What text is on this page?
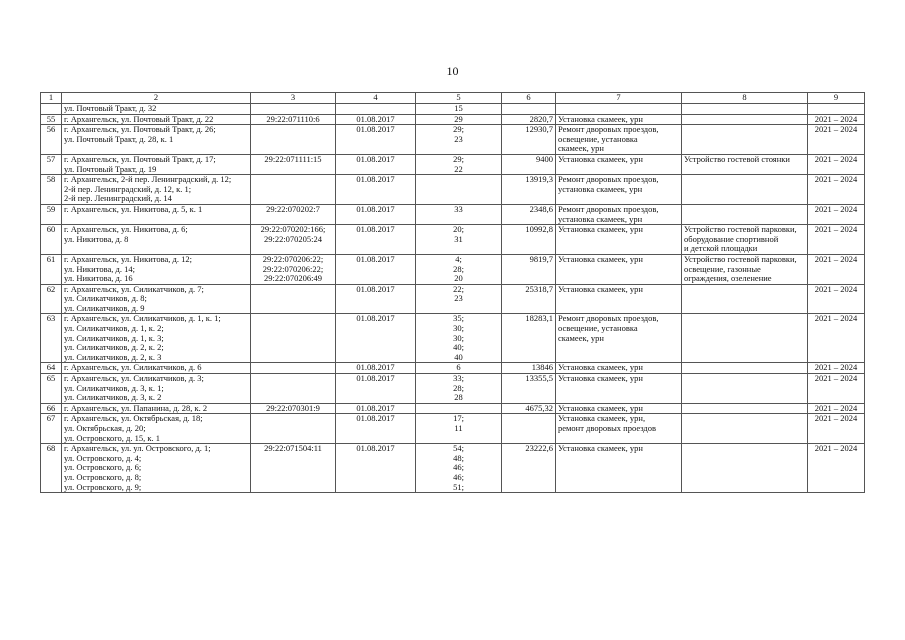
10
1	2	3	4	5	6	7	8	9
	ул. Почтовый Тракт, д. 32			15				
55	г. Архангельск, ул. Почтовый Тракт, д. 22	29:22:071110:6	01.08.2017	29	2820,7	Установка скамеек, урн		2021 – 2024
56	г. Архангельск, ул. Почтовый Тракт, д. 26;
ул. Почтовый Тракт, д. 28, к. 1		01.08.2017	29;
23	12930,7	Ремонт дворовых проездов,
освещение, установка
скамеек, урн		2021 – 2024
57	г. Архангельск, ул. Почтовый Тракт, д. 17;
ул. Почтовый Тракт, д. 19	29:22:071111:15	01.08.2017	29;
22	9400	Установка скамеек, урн	Устройство гостевой стоянки	2021 – 2024
58	г. Архангельск, 2-й пер. Ленинградский, д. 12;
2-й пер. Ленинградский, д. 12, к. 1;
2-й пер. Ленинградский, д. 14		01.08.2017		13919,3	Ремонт дворовых проездов,
установка скамеек, урн		2021 – 2024
59	г. Архангельск, ул. Никитова, д. 5, к. 1	29:22:070202:7	01.08.2017	33	2348,6	Ремонт дворовых проездов,
установка скамеек, урн		2021 – 2024
60	г. Архангельск, ул. Никитова, д. 6;
ул. Никитова, д. 8	29:22:070202:166;
29:22:070205:24	01.08.2017	20;
31	10992,8	Установка скамеек, урн	Устройство гостевой парковки,
оборудование спортивной
и детской площадки	2021 – 2024
61	г. Архангельск, ул. Никитова, д. 12;
ул. Никитова, д. 14;
ул. Никитова, д. 16	29:22:070206:22;
29:22:070206:22;
29:22:070206:49	01.08.2017	4;
28;
20	9819,7	Установка скамеек, урн	Устройство гостевой парковки,
освещение, газонные
ограждения, озеленение	2021 – 2024
62	г. Архангельск, ул. Силикатчиков, д. 7;
ул. Силикатчиков, д. 8;
ул. Силикатчиков, д. 9		01.08.2017	22;
23	25318,7	Установка скамеек, урн		2021 – 2024
63	г. Архангельск, ул. Силикатчиков, д. 1, к. 1;
ул. Силикатчиков, д. 1, к. 2;
ул. Силикатчиков, д. 1, к. 3;
ул. Силикатчиков, д. 2, к. 2;
ул. Силикатчиков, д. 2, к. 3		01.08.2017	35;
30;
30;
40;
40	18283,1	Ремонт дворовых проездов,
освещение, установка
скамеек, урн		2021 – 2024
64	г. Архангельск, ул. Силикатчиков, д. 6		01.08.2017	6	13846	Установка скамеек, урн		2021 – 2024
65	г. Архангельск, ул. Силикатчиков, д. 3;
ул. Силикатчиков, д. 3, к. 1;
ул. Силикатчиков, д. 3, к. 2		01.08.2017	33;
28;
28	13355,5	Установка скамеек, урн		2021 – 2024
66	г. Архангельск, ул. Папанина, д. 28, к. 2	29:22:070301:9	01.08.2017		4675,32	Установка скамеек, урн		2021 – 2024
67	г. Архангельск, ул. Октябрьская, д. 18;
ул. Октябрьская, д. 20;
ул. Островского, д. 15, к. 1		01.08.2017	17;
11		Установка скамеек, урн,
ремонт дворовых проездов		2021 – 2024
68	г. Архангельск, ул. ул. Островского, д. 1;
ул. Островского, д. 4;
ул. Островского, д. 6;
ул. Островского, д. 8;
ул. Островского, д. 9;	29:22:071504:11	01.08.2017	54;
48;
46;
46;
51;	23222,6	Установка скамеек, урн		2021 – 2024
